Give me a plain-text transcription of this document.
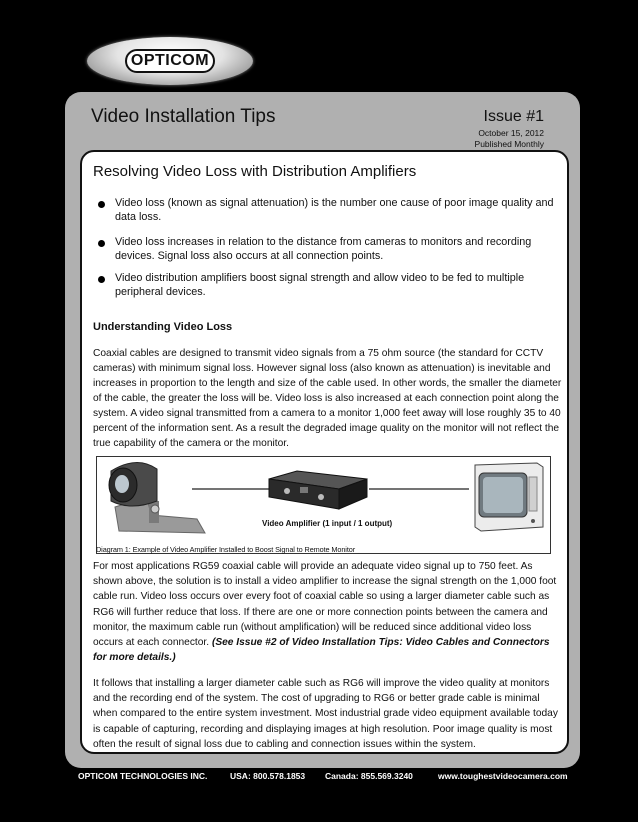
OPTICOM
Video Installation Tips	Issue #1
October 15, 2012
Published Monthly
Resolving Video Loss with Distribution Amplifiers
Video loss (known as signal attenuation) is the number one cause of poor image quality and data loss.
Video loss increases in relation to the distance from cameras to monitors and recording devices. Signal loss also occurs at all connection points.
Video distribution amplifiers boost signal strength and allow video to be fed to multiple peripheral devices.
Understanding Video Loss
Coaxial cables are designed to transmit video signals from a 75 ohm source (the standard for CCTV cameras) with minimum signal loss. However signal loss (also known as attenuation) is inevitable and increases in proportion to the length and size of the cable used. In other words, the smaller the diameter of the cable, the greater the loss will be. Video loss is also increased at each connection point along the system. A video signal transmitted from a camera to a monitor 1,000 feet away will lose roughly 35 to 40 percent of the information sent. As a result the degraded image quality on the monitor will not reflect the true capability of the camera or the monitor.
For most applications RG59 coaxial cable will provide an adequate video signal up to 750 feet. As shown above, the solution is to install a video amplifier to increase the signal strength on the 1,000 foot cable run. Video loss occurs over every foot of coaxial cable so using a larger diameter cable such as RG6 will further reduce that loss. If there are one or more connection points between the camera and monitor, the maximum cable run (without amplification) will be reduced since additional video loss occurs at each connector. (See Issue #2 of Video Installation Tips: Video Cables and Connectors for more details.)
It follows that installing a larger diameter cable such as RG6 will improve the video quality at monitors and the recording end of the system. The cost of upgrading to RG6 or better grade cable is minimal when compared to the entire system investment. Most industrial grade video equipment available today is capable of capturing, recording and displaying images at high resolution. Poor image quality is most often the result of signal loss due to cabling and connection issues within the system.
Video Amplifier (1 input / 1 output)
Diagram 1: Example of Video Amplifier Installed to Boost Signal to Remote Monitor
OPTICOM TECHNOLOGIES INC.	USA: 800.578.1853 Canada: 855.569.3240	www.toughestvideocamera.com
